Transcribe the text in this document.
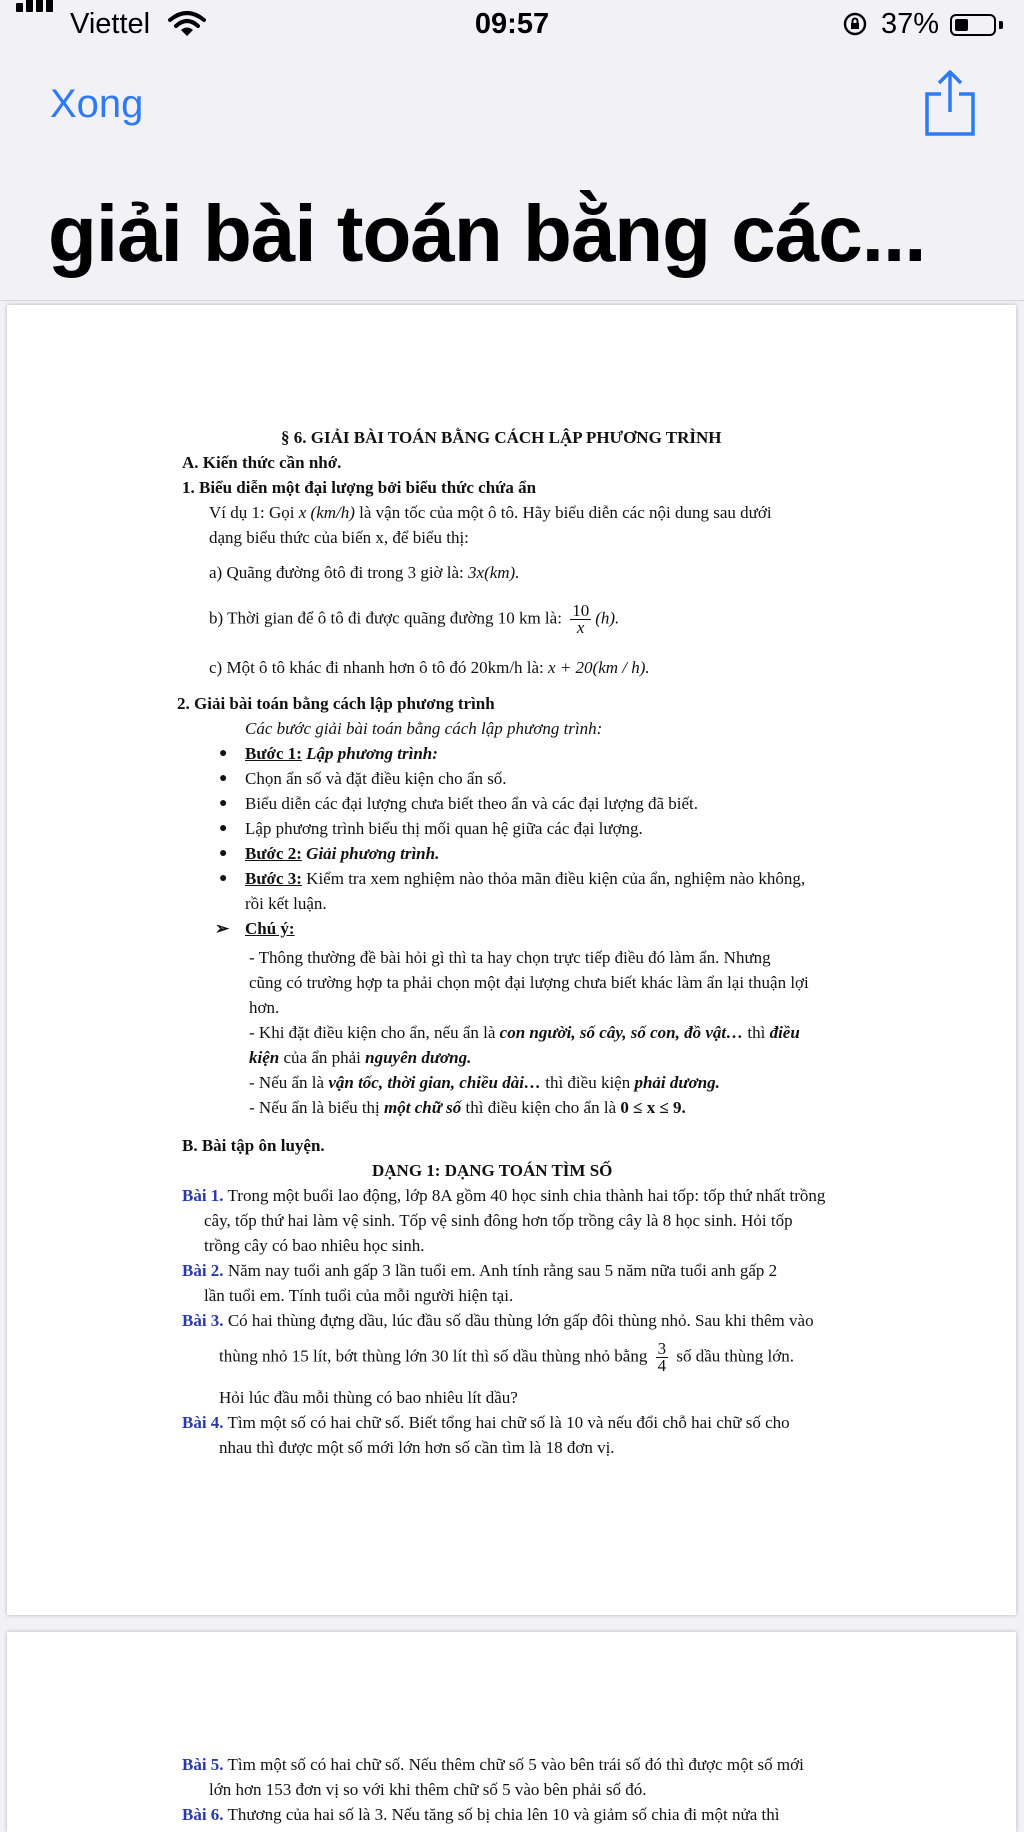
Viettel	09:57	37%
Xong
giải bài toán bằng các...
§ 6. GIẢI BÀI TOÁN BẰNG CÁCH LẬP PHƯƠNG TRÌNH
A. Kiến thức cần nhớ.
1. Biểu diễn một đại lượng bởi biểu thức chứa ẩn
Ví dụ 1: Gọi x (km/h) là vận tốc của một ô tô. Hãy biểu diễn các nội dung sau dưới
dạng biểu thức của biến x, để biểu thị:
a) Quãng đường ôtô đi trong 3 giờ là: 3x(km).
b) Thời gian để ô tô đi được quãng đường 10 km là: $\frac{10}{x} (h)$.
c) Một ô tô khác đi nhanh hơn ô tô đó 20km/h là: x + 20(km / h).
2. Giải bài toán bằng cách lập phương trình
Các bước giải bài toán bằng cách lập phương trình:
● Bước 1: Lập phương trình:
● Chọn ẩn số và đặt điều kiện cho ẩn số.
● Biểu diễn các đại lượng chưa biết theo ẩn và các đại lượng đã biết.
● Lập phương trình biểu thị mối quan hệ giữa các đại lượng.
● Bước 2: Giải phương trình.
● Bước 3: Kiểm tra xem nghiệm nào thỏa mãn điều kiện của ẩn, nghiệm nào không,
rồi kết luận.
➢ Chú ý:
- Thông thường đề bài hỏi gì thì ta hay chọn trực tiếp điều đó làm ẩn. Nhưng
cũng có trường hợp ta phải chọn một đại lượng chưa biết khác làm ẩn lại thuận lợi
hơn.
- Khi đặt điều kiện cho ẩn, nếu ẩn là con người, số cây, số con, đồ vật… thì điều
kiện của ẩn phải nguyên dương.
- Nếu ẩn là vận tốc, thời gian, chiều dài… thì điều kiện phải dương.
- Nếu ẩn là biểu thị một chữ số thì điều kiện cho ẩn là 0 ≤ x ≤ 9.
B. Bài tập ôn luyện.
DẠNG 1: DẠNG TOÁN TÌM SỐ
Bài 1. Trong một buổi lao động, lớp 8A gồm 40 học sinh chia thành hai tốp: tốp thứ nhất trồng
cây, tốp thứ hai làm vệ sinh. Tốp vệ sinh đông hơn tốp trồng cây là 8 học sinh. Hỏi tốp
trồng cây có bao nhiêu học sinh.
Bài 2. Năm nay tuổi anh gấp 3 lần tuổi em. Anh tính rằng sau 5 năm nữa tuổi anh gấp 2
lần tuổi em. Tính tuổi của mỗi người hiện tại.
Bài 3. Có hai thùng đựng dầu, lúc đầu số dầu thùng lớn gấp đôi thùng nhỏ. Sau khi thêm vào
thùng nhỏ 15 lít, bớt thùng lớn 30 lít thì số dầu thùng nhỏ bằng $\frac{3}{4}$ số dầu thùng lớn.
Hỏi lúc đầu mỗi thùng có bao nhiêu lít dầu?
Bài 4. Tìm một số có hai chữ số. Biết tổng hai chữ số là 10 và nếu đổi chỗ hai chữ số cho
nhau thì được một số mới lớn hơn số cần tìm là 18 đơn vị.
Bài 5. Tìm một số có hai chữ số. Nếu thêm chữ số 5 vào bên trái số đó thì được một số mới
lớn hơn 153 đơn vị so với khi thêm chữ số 5 vào bên phải số đó.
Bài 6. Thương của hai số là 3. Nếu tăng số bị chia lên 10 và giảm số chia đi một nửa thì
